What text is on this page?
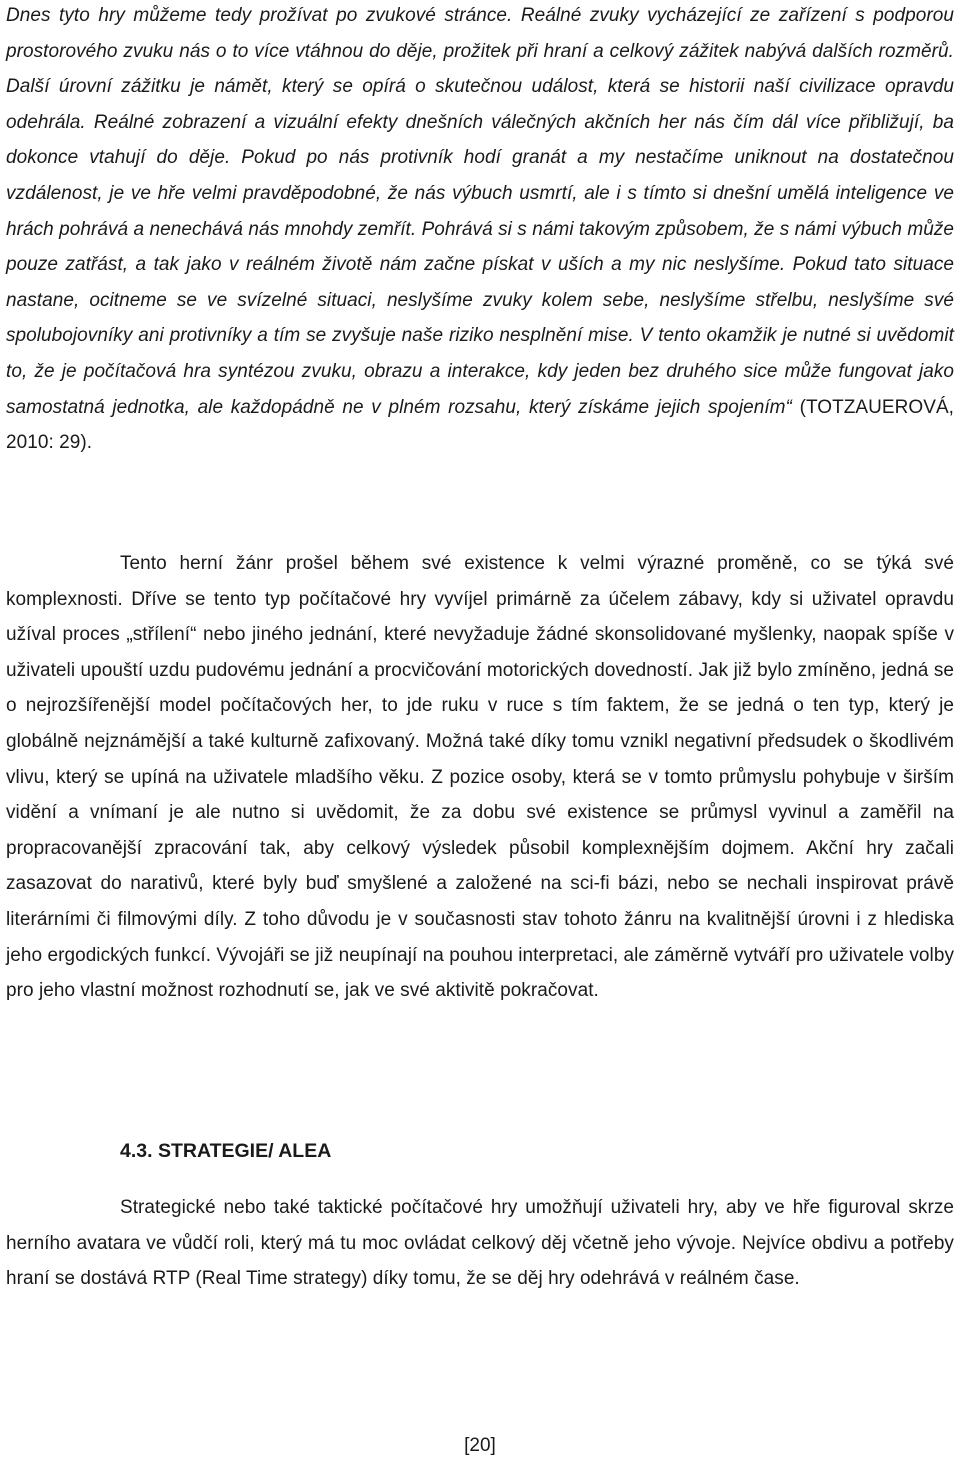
Dnes tyto hry můžeme tedy prožívat po zvukové stránce. Reálné zvuky vycházející ze zařízení s podporou prostorového zvuku nás o to více vtáhnou do děje, prožitek při hraní a celkový zážitek nabývá dalších rozměrů. Další úrovní zážitku je námět, který se opírá o skutečnou událost, která se historii naší civilizace opravdu odehrála. Reálné zobrazení a vizuální efekty dnešních válečných akčních her nás čím dál více přibližují, ba dokonce vtahují do děje. Pokud po nás protivník hodí granát a my nestačíme uniknout na dostatečnou vzdálenost, je ve hře velmi pravděpodobné, že nás výbuch usmrtí, ale i s tímto si dnešní umělá inteligence ve hrách pohrává a nenechává nás mnohdy zemřít. Pohrává si s námi takovým způsobem, že s námi výbuch může pouze zatřást, a tak jako v reálném životě nám začne pískat v uších a my nic neslyšíme. Pokud tato situace nastane, ocitneme se ve svízelné situaci, neslyšíme zvuky kolem sebe, neslyšíme střelbu, neslyšíme své spolubojovníky ani protivníky a tím se zvyšuje naše riziko nesplnění mise. V tento okamžik je nutné si uvědomit to, že je počítačová hra syntézou zvuku, obrazu a interakce, kdy jeden bez druhého sice může fungovat jako samostatná jednotka, ale každopádně ne v plném rozsahu, který získáme jejich spojením“ (TOTZAUEROVÁ, 2010: 29).

Tento herní žánr prošel během své existence k velmi výrazné proměně, co se týká své komplexnosti. Dříve se tento typ počítačové hry vyvíjel primárně za účelem zábavy, kdy si uživatel opravdu užíval proces „střílení“ nebo jiného jednání, které nevyžaduje žádné skonsolidované myšlenky, naopak spíše v uživateli upouští uzdu pudovému jednání a procvičování motorických dovedností. Jak již bylo zmíněno, jedná se o nejrozšířenější model počítačových her, to jde ruku v ruce s tím faktem, že se jedná o ten typ, který je globálně nejznámější a také kulturně zafixovaný. Možná také díky tomu vznikl negativní předsudek o škodlivém vlivu, který se upíná na uživatele mladšího věku. Z pozice osoby, která se v tomto průmyslu pohybuje v širším vidění a vnímaní je ale nutno si uvědomit, že za dobu své existence se průmysl vyvinul a zaměřil na propracovanější zpracování tak, aby celkový výsledek působil komplexnějším dojmem. Akční hry začali zasazovat do narativů, které byly buď smyšlené a založené na sci-fi bázi, nebo se nechali inspirovat právě literárními či filmovými díly. Z toho důvodu je v současnosti stav tohoto žánru na kvalitnější úrovni i z hlediska jeho ergodických funkcí. Vývojáři se již neupínají na pouhou interpretaci, ale záměrně vytváří pro uživatele volby pro jeho vlastní možnost rozhodnutí se, jak ve své aktivitě pokračovat.

4.3. STRATEGIE/ ALEA

Strategické nebo také taktické počítačové hry umožňují uživateli hry, aby ve hře figuroval skrze herního avatara ve vůdčí roli, který má tu moc ovládat celkový děj včetně jeho vývoje. Nejvíce obdivu a potřeby hraní se dostává RTP (Real Time strategy) díky tomu, že se děj hry odehrává v reálném čase.

[20]
